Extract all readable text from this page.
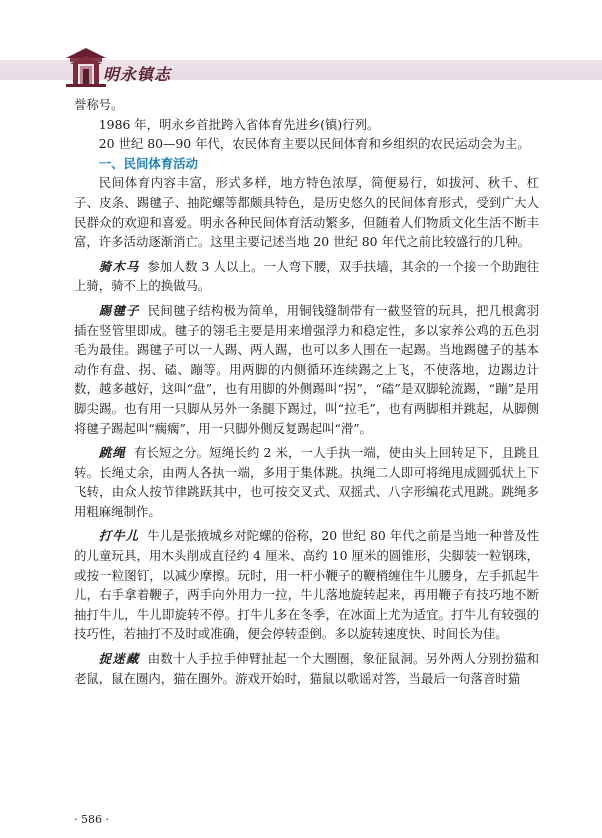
明永镇志

誉称号。

1986 年，明永乡首批跨入省体育先进乡(镇)行列。

20 世纪 80—90 年代，农民体育主要以民间体育和乡组织的农民运动会为主。

一、民间体育活动

民间体育内容丰富，形式多样，地方特色浓厚，简便易行，如拔河、秋千、杠子、皮条、踢毽子、抽陀螺等都颇具特色，是历史悠久的民间体育形式，受到广大人民群众的欢迎和喜爱。明永各种民间体育活动繁多，但随着人们物质文化生活不断丰富，许多活动逐渐消亡。这里主要记述当地 20 世纪 80 年代之前比较盛行的几种。

骑木马 参加人数 3 人以上。一人弯下腰，双手扶墙，其余的一个接一个助跑往上骑，骑不上的换做马。

踢毽子 民间毽子结构极为简单，用铜钱缝制带有一截竖管的玩具，把几根禽羽插在竖管里即成。毽子的翎毛主要是用来增强浮力和稳定性，多以家养公鸡的五色羽毛为最佳。踢毽子可以一人踢、两人踢，也可以多人围在一起踢。当地踢毽子的基本动作有盘、拐、磕、蹦等。用两脚的内侧循环连续踢之上飞，不使落地，边踢边计数，越多越好，这叫“盘”，也有用脚的外侧踢叫“拐”，“磕”是双脚轮流踢，“蹦”是用脚尖踢。也有用一只脚从另外一条腿下踢过，叫“拉毛”，也有两脚相并跳起，从脚侧将毽子踢起叫“瘸瘸”，用一只脚外侧反复踢起叫“滑”。

跳绳 有长短之分。短绳长约 2 米，一人手执一端，使由头上回转足下，且跳且转。长绳丈余，由两人各执一端，多用于集体跳。执绳二人即可将绳甩成圆弧状上下飞转，由众人按节律跳跃其中，也可按交叉式、双摇式、八字形编花式甩跳。跳绳多用粗麻绳制作。

打牛儿 牛儿是张掖城乡对陀螺的俗称，20 世纪 80 年代之前是当地一种普及性的儿童玩具，用木头削成直径约 4 厘米、高约 10 厘米的圆锥形，尖脚装一粒钢珠，或按一粒图钉，以减少摩擦。玩时，用一杆小鞭子的鞭梢缠住牛儿腰身，左手抓起牛儿，右手拿着鞭子，两手向外用力一拉，牛儿落地旋转起来，再用鞭子有技巧地不断抽打牛儿，牛儿即旋转不停。打牛儿多在冬季，在冰面上尤为适宜。打牛儿有较强的技巧性，若抽打不及时或准确，便会停转歪倒。多以旋转速度快、时间长为佳。

捉迷藏 由数十人手拉手伸臂扯起一个大圈圈，象征鼠洞。另外两人分别扮猫和老鼠，鼠在圈内，猫在圈外。游戏开始时，猫鼠以歌谣对答，当最后一句落音时猫

· 586 ·
